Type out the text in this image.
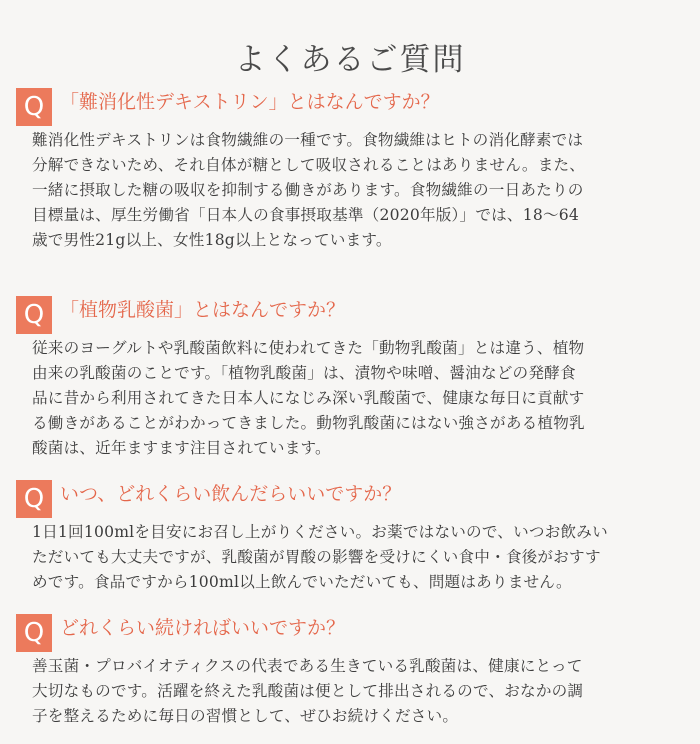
よくあるご質問
Q 「難消化性デキストリン」とはなんですか？

難消化性デキストリンは食物繊維の一種です。食物繊維はヒトの消化酵素では
分解できないため、それ自体が糖として吸収されることはありません。また、
一緒に摂取した糖の吸収を抑制する働きがあります。食物繊維の一日あたりの
目標量は、厚生労働省「日本人の食事摂取基準（2020年版）」では、18〜64
歳で男性21g以上、女性18g以上となっています。

Q 「植物乳酸菌」とはなんですか？

従来のヨーグルトや乳酸菌飲料に使われてきた「動物乳酸菌」とは違う、植物
由来の乳酸菌のことです。「植物乳酸菌」は、漬物や味噌、醤油などの発酵食
品に昔から利用されてきた日本人になじみ深い乳酸菌で、健康な毎日に貢献す
る働きがあることがわかってきました。動物乳酸菌にはない強さがある植物乳
酸菌は、近年ますます注目されています。

Q いつ、どれくらい飲んだらいいですか？

1日1回100mlを目安にお召し上がりください。お薬ではないので、いつお飲みい
ただいても大丈夫ですが、乳酸菌が胃酸の影響を受けにくい食中・食後がおすす
めです。食品ですから100ml以上飲んでいただいても、問題はありません。

Q どれくらい続ければいいですか？

善玉菌・プロバイオティクスの代表である生きている乳酸菌は、健康にとって
大切なものです。活躍を終えた乳酸菌は便として排出されるので、おなかの調
子を整えるために毎日の習慣として、ぜひお続けください。
